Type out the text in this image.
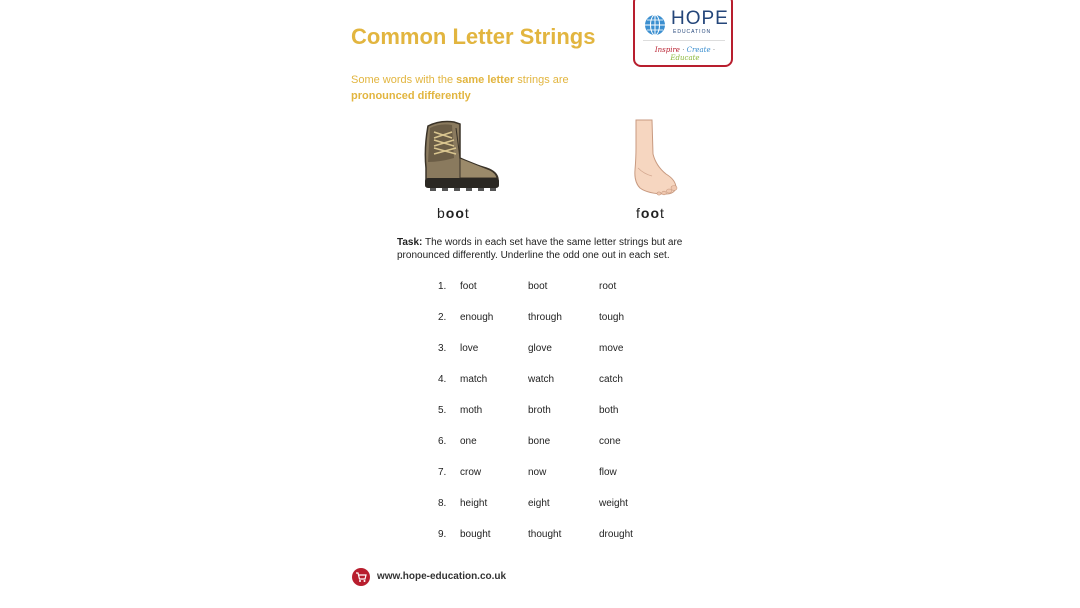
Common Letter Strings
Some words with the same letter strings are
pronounced differently
HOPE
EDUCATION
Inspire · Create · Educate
boot	foot
Task: The words in each set have the same letter strings but are pronounced differently. Underline the odd one out in each set.
1. foot	boot	root
2. enough	through	tough
3. love	glove	move
4. match	watch	catch
5. moth	broth	both
6. one	bone	cone
7. crow	now	flow
8. height	eight	weight
9. bought	thought	drought
www.hope-education.co.uk
